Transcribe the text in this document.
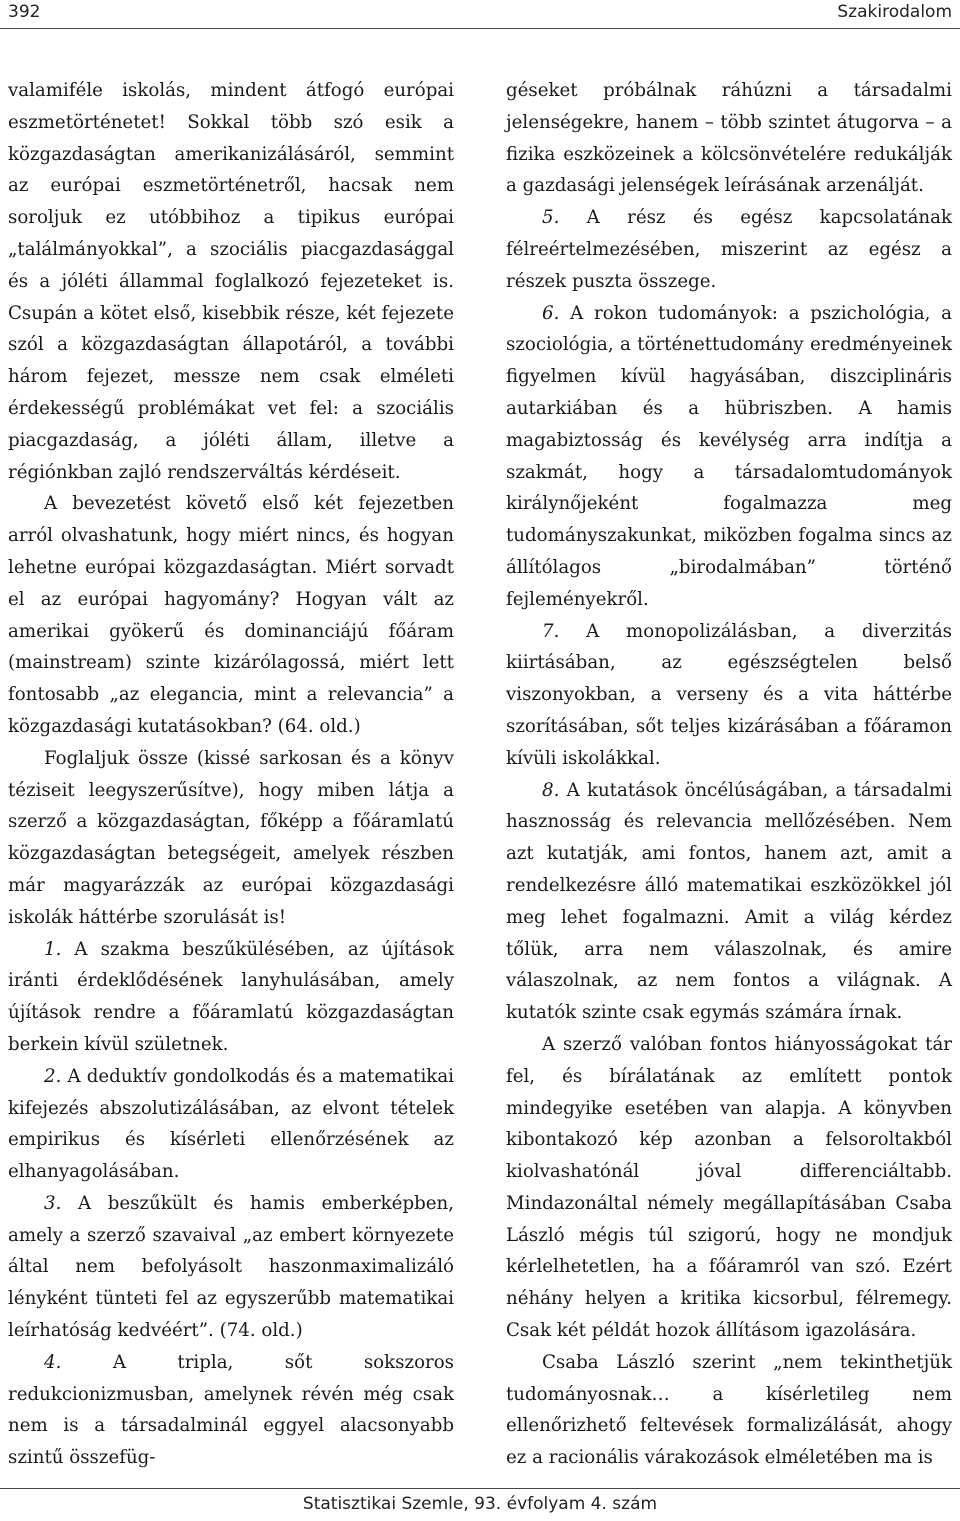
392	Szakirodalom

valamiféle iskolás, mindent átfogó európai eszmetörténetet! Sokkal több szó esik a közgazdaságtan amerikanizálásáról, semmint az európai eszmetörténetről, hacsak nem soroljuk ez utóbbihoz a tipikus európai „találmányokkal”, a szociális piacgazdasággal és a jóléti állammal foglalkozó fejezeteket is. Csupán a kötet első, kisebbik része, két fejezete szól a közgazdaságtan állapotáról, a további három fejezet, messze nem csak elméleti érdekességű problémákat vet fel: a szociális piacgazdaság, a jóléti állam, illetve a régiónkban zajló rendszerváltás kérdéseit.

A bevezetést követő első két fejezetben arról olvashatunk, hogy miért nincs, és hogyan lehetne európai közgazdaságtan. Miért sorvadt el az európai hagyomány? Hogyan vált az amerikai gyökerű és dominanciájú főáram (mainstream) szinte kizárólagossá, miért lett fontosabb „az elegancia, mint a relevancia” a közgazdasági kutatásokban? (64. old.)

Foglaljuk össze (kissé sarkosan és a könyv téziseit leegyszerűsítve), hogy miben látja a szerző a közgazdaságtan, főképp a főáramlatú közgazdaságtan betegségeit, amelyek részben már magyarázzák az európai közgazdasági iskolák háttérbe szorulását is!

1. A szakma beszűkülésében, az újítások iránti érdeklődésének lanyhulásában, amely újítások rendre a főáramlatú közgazdaságtan berkein kívül születnek.

2. A deduktív gondolkodás és a matematikai kifejezés abszolutizálásában, az elvont tételek empirikus és kísérleti ellenőrzésének az elhanyagolásában.

3. A beszűkült és hamis emberképben, amely a szerző szavaival „az embert környezete által nem befolyásolt haszonmaximalizáló lényként tünteti fel az egyszerűbb matematikai leírhatóság kedvéért”. (74. old.)

4. A tripla, sőt sokszoros redukcionizmusban, amelynek révén még csak nem is a társadalminál eggyel alacsonyabb szintű összefüg-

géseket próbálnak ráhúzni a társadalmi jelenségekre, hanem – több szintet átugorva – a fizika eszközeinek a kölcsönvételére redukálják a gazdasági jelenségek leírásának arzenálját.

5. A rész és egész kapcsolatának félreértelmezésében, miszerint az egész a részek puszta összege.

6. A rokon tudományok: a pszichológia, a szociológia, a történettudomány eredményeinek figyelmen kívül hagyásában, diszciplináris autarkiában és a hübriszben. A hamis magabiztosság és kevélység arra indítja a szakmát, hogy a társadalomtudományok királynőjeként fogalmazza meg tudományszakunkat, miközben fogalma sincs az állítólagos „birodalmában” történő fejleményekről.

7. A monopolizálásban, a diverzitás kiirtásában, az egészségtelen belső viszonyokban, a verseny és a vita háttérbe szorításában, sőt teljes kizárásában a főáramon kívüli iskolákkal.

8. A kutatások öncélúságában, a társadalmi hasznosság és relevancia mellőzésében. Nem azt kutatják, ami fontos, hanem azt, amit a rendelkezésre álló matematikai eszközökkel jól meg lehet fogalmazni. Amit a világ kérdez tőlük, arra nem válaszolnak, és amire válaszolnak, az nem fontos a világnak. A kutatók szinte csak egymás számára írnak.

A szerző valóban fontos hiányosságokat tár fel, és bírálatának az említett pontok mindegyike esetében van alapja. A könyvben kibontakozó kép azonban a felsoroltakból kiolvashatónál jóval differenciáltabb. Mindazonáltal némely megállapításában Csaba László mégis túl szigorú, hogy ne mondjuk kérlelhetetlen, ha a főáramról van szó. Ezért néhány helyen a kritika kicsorbul, félremegy. Csak két példát hozok állításom igazolására.

Csaba László szerint „nem tekinthetjük tudományosnak… a kísérletileg nem ellenőrizhető feltevések formalizálását, ahogy ez a racionális várakozások elméletében ma is

Statisztikai Szemle, 93. évfolyam 4. szám
